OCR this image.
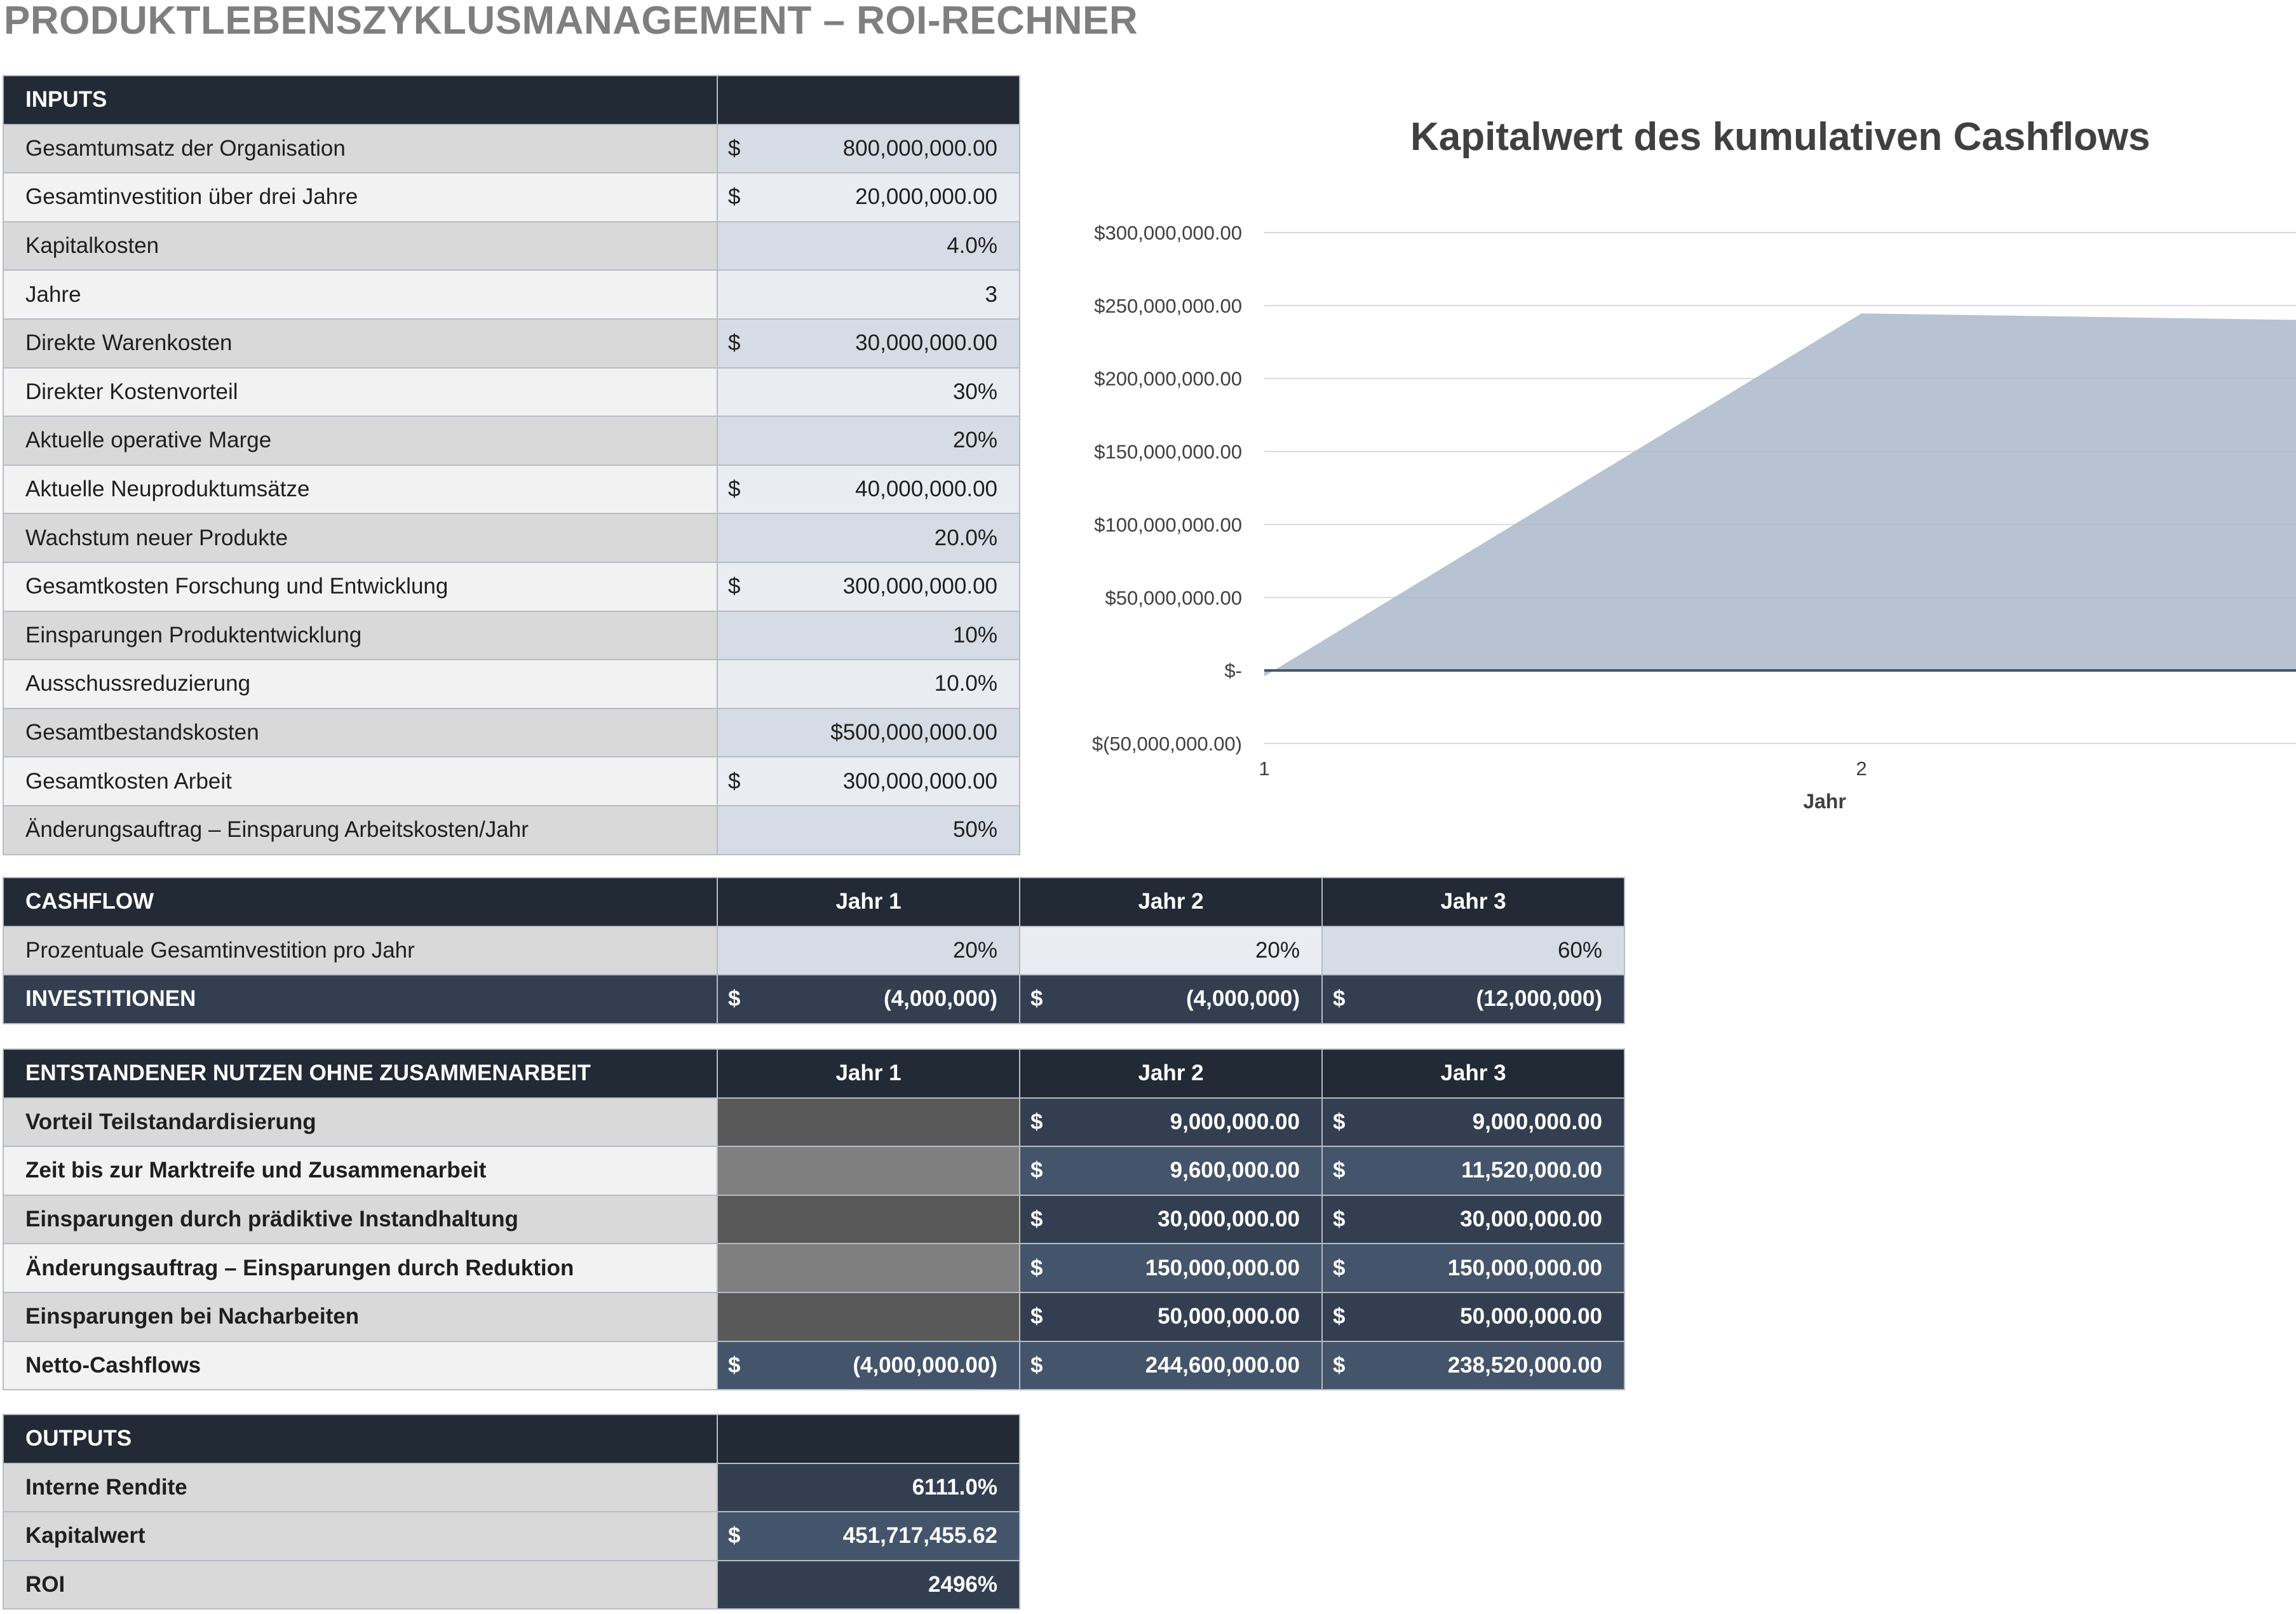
PRODUKTLEBENSZYKLUSMANAGEMENT – ROI-RECHNER
INPUTS	
Gesamtumsatz der Organisation	$ 800,000,000.00

Gesamtinvestition über drei Jahre	$ 20,000,000.00

Kapitalkosten	4.0%

Jahre	3

Direkte Warenkosten	$ 30,000,000.00

Direkter Kostenvorteil	30%

Aktuelle operative Marge	20%

Aktuelle Neuproduktumsätze	$ 40,000,000.00

Wachstum neuer Produkte	20.0%

Gesamtkosten Forschung und Entwicklung	$ 300,000,000.00

Einsparungen Produktentwicklung	10%

Ausschussreduzierung	10.0%

Gesamtbestandskosten	$500,000,000.00

Gesamtkosten Arbeit	$ 300,000,000.00

Änderungsauftrag – Einsparung Arbeitskosten/Jahr	50%
CASHFLOW	Jahr 1	Jahr 2	Jahr 3
Prozentuale Gesamtinvestition pro Jahr	20%	20%	60%
INVESTITIONEN	$ (4,000,000)	$ (4,000,000)	$ (12,000,000)
ENTSTANDENER NUTZEN OHNE ZUSAMMENARBEIT	Jahr 1	Jahr 2	Jahr 3
Vorteil Teilstandardisierung		$ 9,000,000.00	$ 9,000,000.00

Zeit bis zur Marktreife und Zusammenarbeit		$ 9,600,000.00	$ 11,520,000.00

Einsparungen durch prädiktive Instandhaltung		$ 30,000,000.00	$ 30,000,000.00

Änderungsauftrag – Einsparungen durch Reduktion		$ 150,000,000.00	$ 150,000,000.00

Einsparungen bei Nacharbeiten		$ 50,000,000.00	$ 50,000,000.00

Netto-Cashflows	$ (4,000,000.00)	$ 244,600,000.00	$ 238,520,000.00
OUTPUTS	
Interne Rendite	6111.0%
Kapitalwert	$ 451,717,455.62

ROI	2496%
Kapitalwert des kumulativen Cashflows
$300,000,000.00
$250,000,000.00
$200,000,000.00
$150,000,000.00
$100,000,000.00
$50,000,000.00
$-
$(50,000,000.00)
1	2
Jahr
